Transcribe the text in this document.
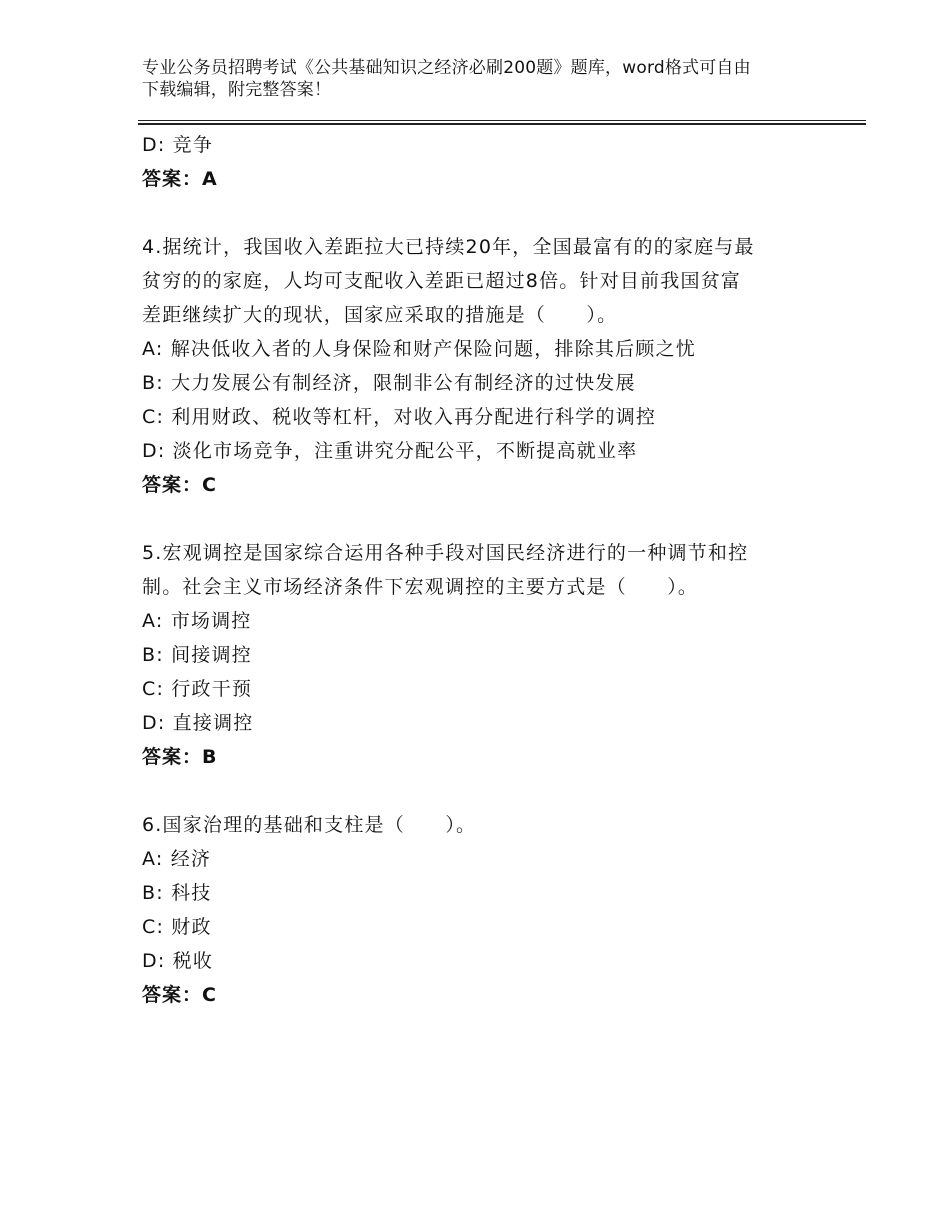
专业公务员招聘考试《公共基础知识之经济必刷200题》题库，word格式可自由
下载编辑，附完整答案！
D: 竞争
答案：A
4.据统计，我国收入差距拉大已持续20年，全国最富有的的家庭与最
贫穷的的家庭，人均可支配收入差距已超过8倍。针对目前我国贫富
差距继续扩大的现状，国家应采取的措施是（　　）。
A: 解决低收入者的人身保险和财产保险问题，排除其后顾之忧
B: 大力发展公有制经济，限制非公有制经济的过快发展
C: 利用财政、税收等杠杆，对收入再分配进行科学的调控
D: 淡化市场竞争，注重讲究分配公平，不断提高就业率
答案：C
5.宏观调控是国家综合运用各种手段对国民经济进行的一种调节和控
制。社会主义市场经济条件下宏观调控的主要方式是（　　）。
A: 市场调控
B: 间接调控
C: 行政干预
D: 直接调控
答案：B
6.国家治理的基础和支柱是（　　）。
A: 经济
B: 科技
C: 财政
D: 税收
答案：C
